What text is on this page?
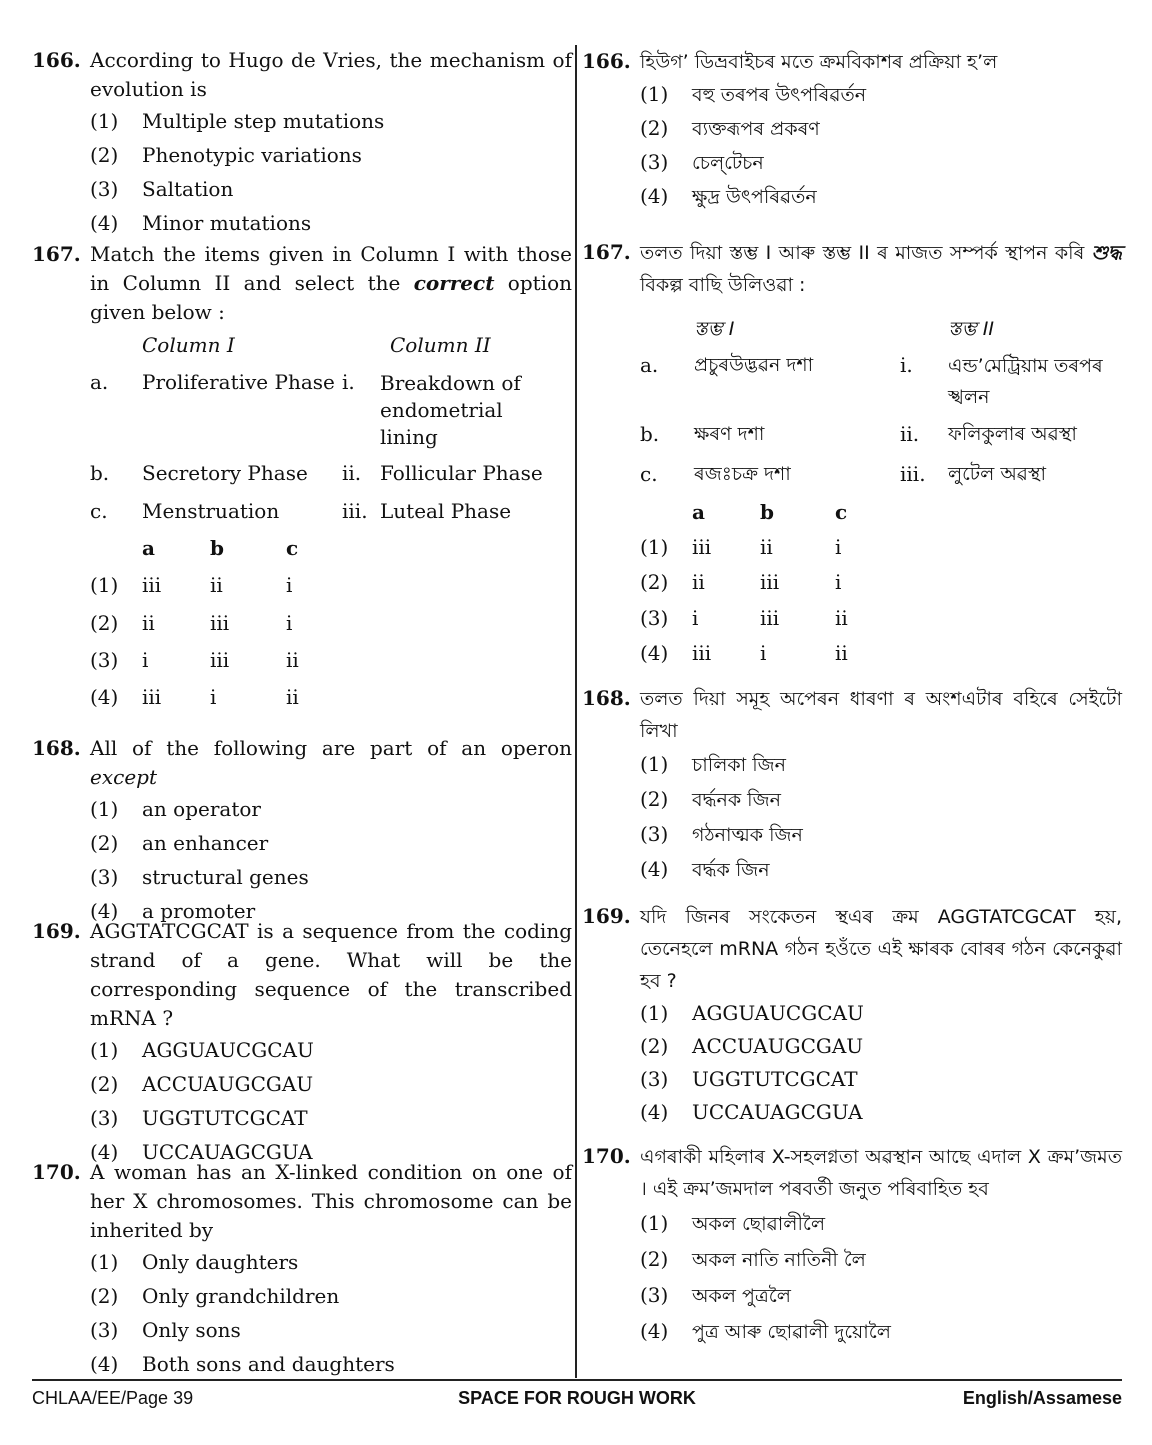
166. According to Hugo de Vries, the mechanism of evolution is
(1) Multiple step mutations
(2) Phenotypic variations
(3) Saltation
(4) Minor mutations
167. Match the items given in Column I with those in Column II and select the correct option given below :
Column I	Column II
a. Proliferative Phase i. Breakdown of endometrial lining
b. Secretory Phase ii. Follicular Phase
c. Menstruation	iii. Luteal Phase
a	b	c
(1) iii ii	i
(2) ii	iii	i
(3) i	iii	ii
(4) iii i	ii
168. All of the following are part of an operon except
(1) an operator
(2) an enhancer
(3) structural genes
(4) a promoter
169. AGGTATCGCAT is a sequence from the coding strand of a gene. What will be the corresponding sequence of the transcribed mRNA ?
(1) AGGUAUCGCAU
(2) ACCUAUGCGAU
(3) UGGTUTCGCAT
(4) UCCAUAGCGUA
170. A woman has an X-linked condition on one of her X chromosomes. This chromosome can be inherited by
(1) Only daughters
(2) Only grandchildren
(3) Only sons
(4) Both sons and daughters
166. হিউগ’ ডিভ্ৰবাইচৰ মতে ক্ৰমবিকাশৰ প্ৰক্ৰিয়া হ’ল
(1) বহু তৰপৰ উৎপৰিৱৰ্তন
(2) ব্যক্তৰূপৰ প্ৰকৰণ
(3) চেল্‌টেচন
(4) ক্ষুদ্ৰ উৎপৰিৱৰ্তন
167. তলত দিয়া স্তম্ভ I আৰু স্তম্ভ II ৰ মাজত সম্পৰ্ক স্থাপন কৰি শুদ্ধ বিকল্প বাছি উলিওৱা :
স্তম্ভ I	স্তম্ভ II
a. প্ৰচুৰউদ্ভৱন দশা	i. এন্ড’মেট্ৰিয়াম তৰপৰ স্খলন
b. ক্ষৰণ দশা	ii. ফলিকুলাৰ অৱস্থা
c. ৰজঃচক্ৰ দশা	iii. লুটেল অৱস্থা
a	b	c
(1) iii ii	i
(2) ii	iii	i
(3) i	iii	ii
(4) iii i	ii
168. তলত দিয়া সমূহ অপেৰন ধাৰণা ৰ অংশএটাৰ বহিৰে সেইটো লিখা
(1) চালিকা জিন
(2) বৰ্দ্ধনক জিন
(3) গঠনাত্মক জিন
(4) বৰ্দ্ধক জিন
169. যদি জিনৰ সংকেতন স্থএৰ ক্ৰম AGGTATCGCAT হয়, তেনেহলে mRNA গঠন হওঁতে এই ক্ষাৰক বোৰৰ গঠন কেনেকুৱা হব ?
(1) AGGUAUCGCAU
(2) ACCUAUGCGAU
(3) UGGTUTCGCAT
(4) UCCAUAGCGUA
170. এগৰাকী মহিলাৰ X-সহলগ্নতা অৱস্থান আছে এদাল X ক্ৰম’জমত । এই ক্ৰম’জমদাল পৰবৰ্তী জনুত পৰিবাহিত হব
(1) অকল ছোৱালীলৈ
(2) অকল নাতি নাতিনী লৈ
(3) অকল পুত্ৰলৈ
(4) পুত্ৰ আৰু ছোৱালী দুয়োলৈ
CHLAA/EE/Page 39	SPACE FOR ROUGH WORK	English/Assamese
